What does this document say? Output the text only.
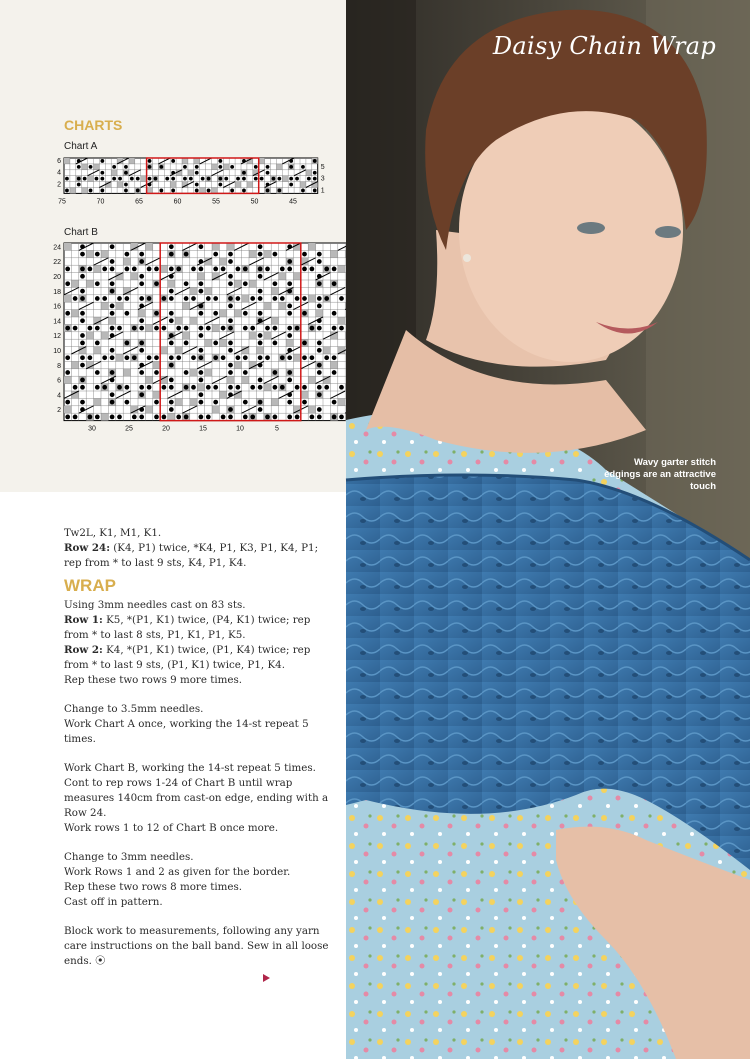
CHARTS
Chart A
6
4
2
5
3
1
75	70	65	60	55	50	45
Chart B
24
22
20
18
16
14
12
10
8
6
4
2
30	25	20	15	10	5

Tw2L, K1, M1, K1.

Row 24: (K4, P1) twice, *K4, P1, K3, P1, K4, P1; rep from * to last 9 sts, K4, P1, K4.

WRAP

Using 3mm needles cast on 83 sts.

Row 1: K5, *(P1, K1) twice, (P4, K1) twice; rep from * to last 8 sts, P1, K1, P1, K5.

Row 2: K4, *(P1, K1) twice, (P1, K4) twice; rep from * to last 9 sts, (P1, K1) twice, P1, K4.

Rep these two rows 9 more times.

Change to 3.5mm needles.

Work Chart A once, working the 14-st repeat 5 times.

Work Chart B, working the 14-st repeat 5 times.

Cont to rep rows 1-24 of Chart B until wrap measures 140cm from cast-on edge, ending with a Row 24.

Work rows 1 to 12 of Chart B once more.

Change to 3mm needles.

Work Rows 1 and 2 as given for the border.

Rep these two rows 8 more times.

Cast off in pattern.

Block work to measurements, following any yarn care instructions on the ball band. Sew in all loose ends. ⦿

Daisy Chain Wrap
Wavy garter stitch edgings are an attractive touch
